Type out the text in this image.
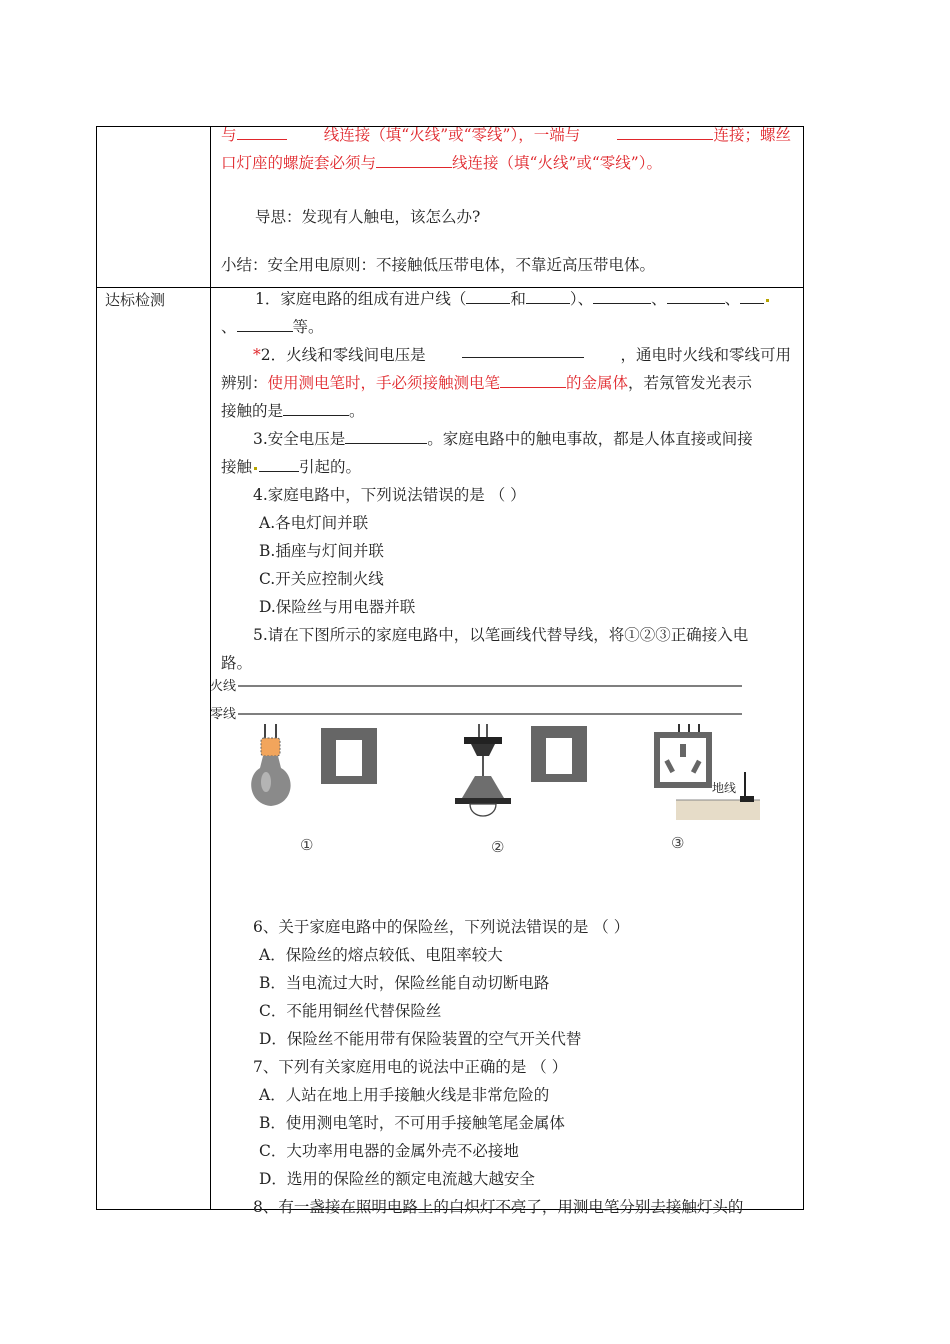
与	线连接（填“火线”或“零线”），一端与	连接；螺丝
口灯座的螺旋套必须与	线连接（填“火线”或“零线”）。
导思：发现有人触电，该怎么办?
小结：安全用电原则：不接触低压带电体，不靠近高压带电体。
达标检测	1．家庭电路的组成有进户线（	和	）、	、	、
、	等。
*2．火线和零线间电压是	，通电时火线和零线可用
辨别：使用测电笔时，手必须接触测电笔	的金属体，若氖管发光表示
接触的是	。
3.安全电压是	。家庭电路中的触电事故，都是人体直接或间接
接触	引起的。
4.家庭电路中，下列说法错误的是 （ ）
A.各电灯间并联
B.插座与灯间并联
C.开关应控制火线
D.保险丝与用电器并联
5.请在下图所示的家庭电路中，以笔画线代替导线，将①②③正确接入电
路。
6、关于家庭电路中的保险丝，下列说法错误的是 （ ）
A．保险丝的熔点较低、电阻率较大
B．当电流过大时，保险丝能自动切断电路
C．不能用铜丝代替保险丝
D．保险丝不能用带有保险装置的空气开关代替
7、下列有关家庭用电的说法中正确的是 （ ）
A．人站在地上用手接触火线是非常危险的
B．使用测电笔时，不可用手接触笔尾金属体
C．大功率用电器的金属外壳不必接地
D．选用的保险丝的额定电流越大越安全
8、有一盏接在照明电路上的白炽灯不亮了，用测电笔分别去接触灯头的
火线
零线
地线
①	②	③
